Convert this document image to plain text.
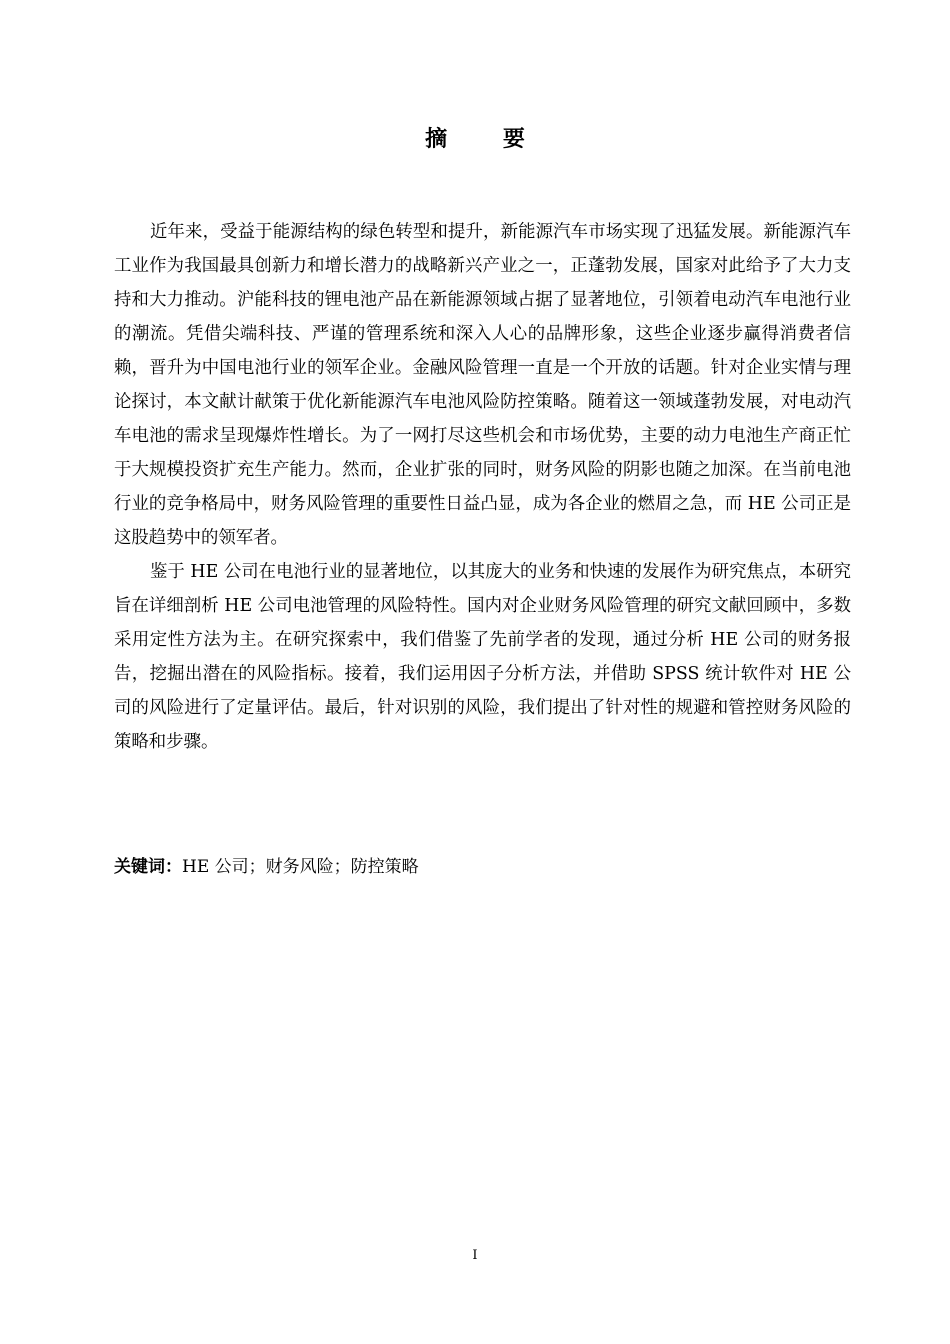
摘 要

近年来，受益于能源结构的绿色转型和提升，新能源汽车市场实现了迅猛发展。新能源汽车工业作为我国最具创新力和增长潜力的战略新兴产业之一，正蓬勃发展，国家对此给予了大力支持和大力推动。沪能科技的锂电池产品在新能源领域占据了显著地位，引领着电动汽车电池行业的潮流。凭借尖端科技、严谨的管理系统和深入人心的品牌形象，这些企业逐步赢得消费者信赖，晋升为中国电池行业的领军企业。金融风险管理一直是一个开放的话题。针对企业实情与理论探讨，本文献计献策于优化新能源汽车电池风险防控策略。随着这一领域蓬勃发展，对电动汽车电池的需求呈现爆炸性增长。为了一网打尽这些机会和市场优势，主要的动力电池生产商正忙于大规模投资扩充生产能力。然而，企业扩张的同时，财务风险的阴影也随之加深。在当前电池行业的竞争格局中，财务风险管理的重要性日益凸显，成为各企业的燃眉之急，而 HE 公司正是这股趋势中的领军者。

鉴于 HE 公司在电池行业的显著地位，以其庞大的业务和快速的发展作为研究焦点，本研究旨在详细剖析 HE 公司电池管理的风险特性。国内对企业财务风险管理的研究文献回顾中，多数采用定性方法为主。在研究探索中，我们借鉴了先前学者的发现，通过分析 HE 公司的财务报告，挖掘出潜在的风险指标。接着，我们运用因子分析方法，并借助 SPSS 统计软件对 HE 公司的风险进行了定量评估。最后，针对识别的风险，我们提出了针对性的规避和管控财务风险的策略和步骤。

关键词：HE 公司；财务风险；防控策略
I
